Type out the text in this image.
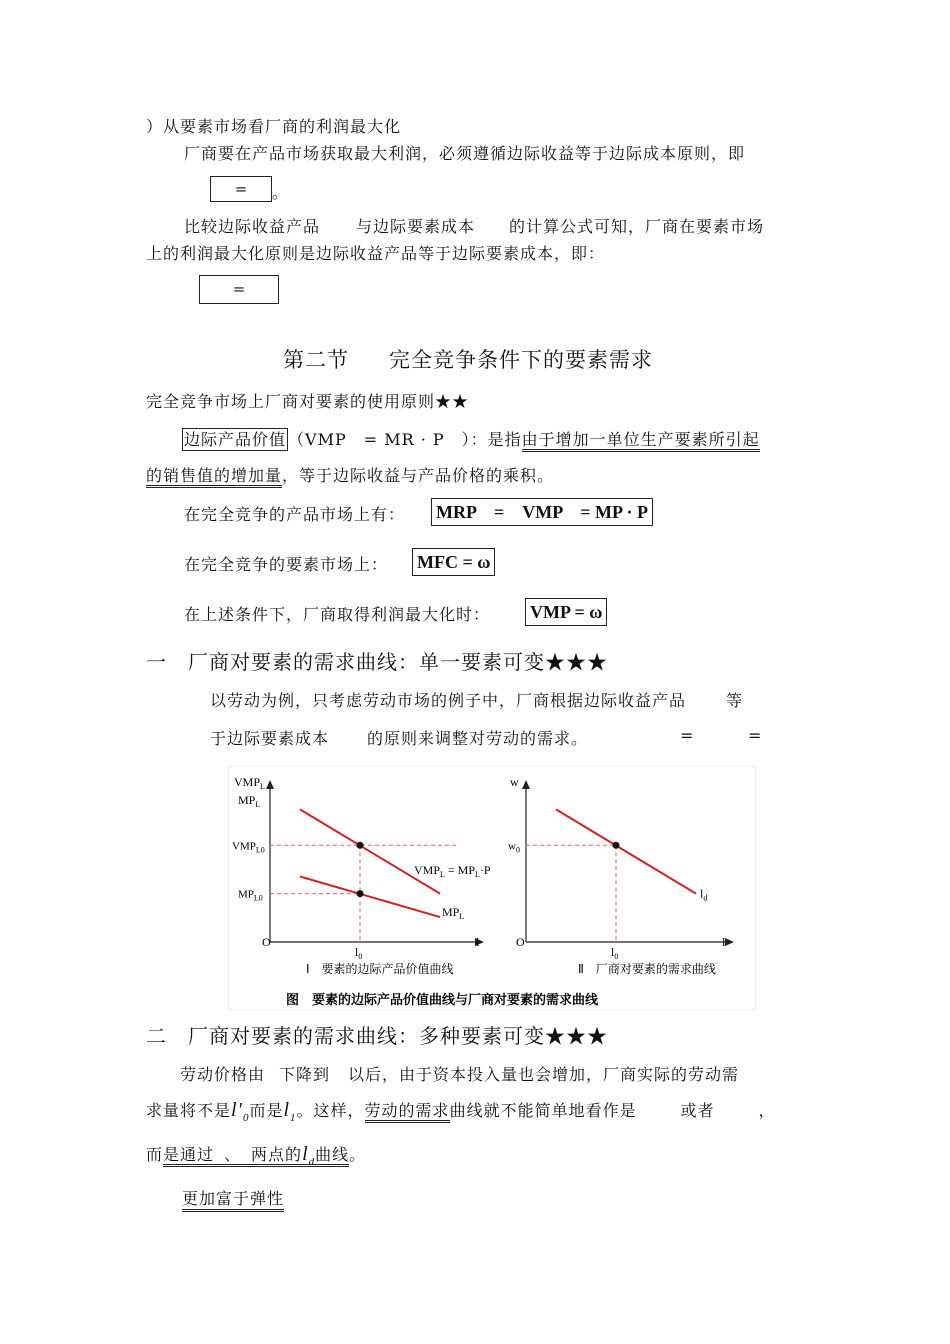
）从要素市场看厂商的利润最大化
厂商要在产品市场获取最大利润，必须遵循边际收益等于边际成本原则，即
=	。
比较边际收益产品 与边际要素成本 的计算公式可知，厂商在要素市场
上的利润最大化原则是边际收益产品等于边际要素成本，即：
=
第二节 完全竞争条件下的要素需求
完全竞争市场上厂商对要素的使用原则★★
边际产品价值 （VMP　= MR · P　）：是指由于增加一单位生产要素所引起
的销售值的增加量，等于边际收益与产品价格的乘积。
在完全竞争的产品市场上有： MRP　=　VMP　= MP · P
在完全竞争的要素市场上： MFC = ω
在上述条件下，厂商取得利润最大化时： VMP = ω
一　厂商对要素的需求曲线：单一要素可变★★★
以劳动为例，只考虑劳动市场的例子中，厂商根据边际收益产品	等
于边际要素成本 的原则来调整对劳动的需求。	=	=
$VMP_L$
$MP_L$
O	l
$l_0$
$VMP_{L0}$
$MP_{L0}$
$VMP_L = MP_L\cdot P$
$MP_L$
Ⅰ　要素的边际产品价值曲线
w
O	l
$l_0$
$w_0$
$l_d$
Ⅱ　厂商对要素的需求曲线
图　要素的边际产品价值曲线与厂商对要素的需求曲线
二　厂商对要素的需求曲线：多种要素可变★★★
劳动价格由 下降到 以后，由于资本投入量也会增加，厂商实际的劳动需
求量将不是$l'_0$而是$l_1$。这样，劳动的需求曲线就不能简单地看作是	或者	，
而是通过 、 两点的$l_d$曲线。
更加富于弹性
